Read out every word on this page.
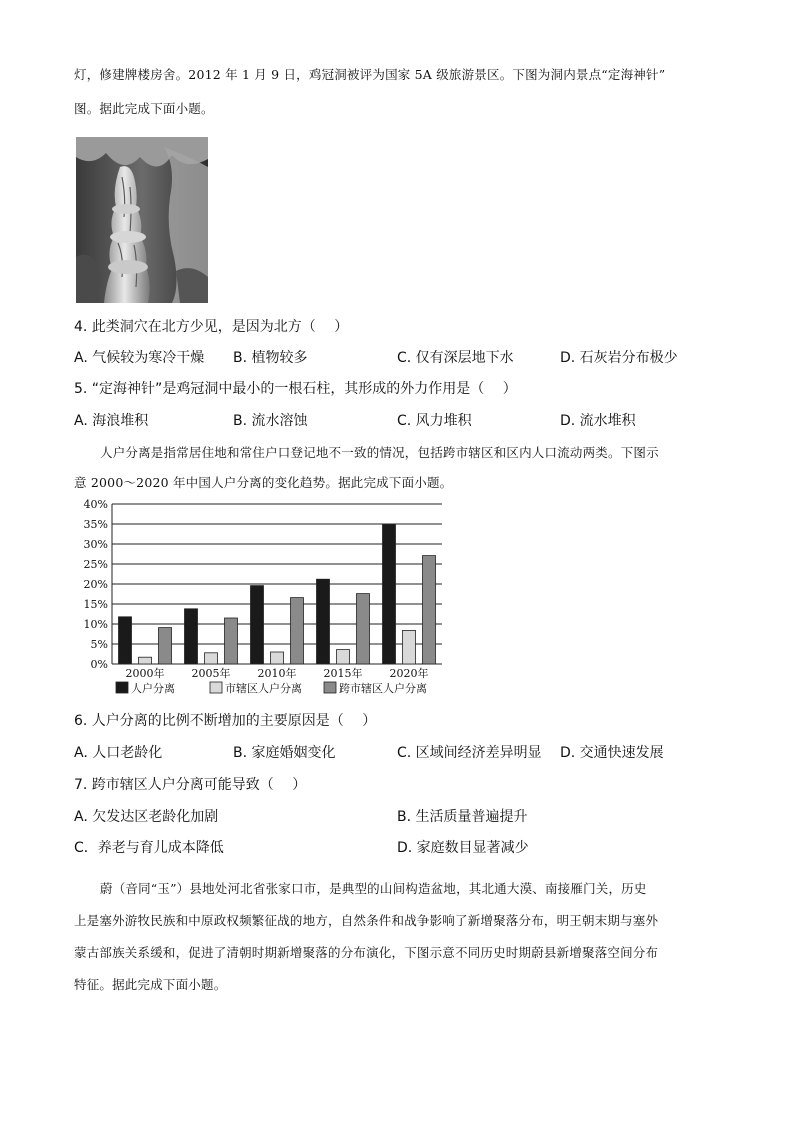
灯，修建牌楼房舍。2012 年 1 月 9 日，鸡冠洞被评为国家 5A 级旅游景区。下图为洞内景点“定海神针”
图。据此完成下面小题。
4. 此类洞穴在北方少见，是因为北方（　 ）
A. 气候较为寒冷干燥 B. 植物较多	C. 仅有深层地下水	D. 石灰岩分布极少
5. “定海神针”是鸡冠洞中最小的一根石柱，其形成的外力作用是（　 ）
A. 海浪堆积	B. 流水溶蚀	C. 风力堆积	D. 流水堆积
人户分离是指常居住地和常住户口登记地不一致的情况，包括跨市辖区和区内人口流动两类。下图示
意 2000～2020 年中国人户分离的变化趋势。据此完成下面小题。
0%
5%
10%
15%
20%
25%
30%
35%
40%
2000年 2005年 2010年 2015年 2020年
人户分离	市辖区人户分离	跨市辖区人户分离
6. 人户分离的比例不断增加的主要原因是（　 ）
A. 人口老龄化	B. 家庭婚姻变化	C. 区域间经济差异明显 D. 交通快速发展
7. 跨市辖区人户分离可能导致（　 ）
A. 欠发达区老龄化加剧	B. 生活质量普遍提升
C．养老与育儿成本降低	D. 家庭数目显著减少
蔚（音同“玉”）县地处河北省张家口市，是典型的山间构造盆地，其北通大漠、南接雁门关，历史
上是塞外游牧民族和中原政权频繁征战的地方，自然条件和战争影响了新增聚落分布，明王朝末期与塞外
蒙古部族关系缓和，促进了清朝时期新增聚落的分布演化，下图示意不同历史时期蔚县新增聚落空间分布
特征。据此完成下面小题。
